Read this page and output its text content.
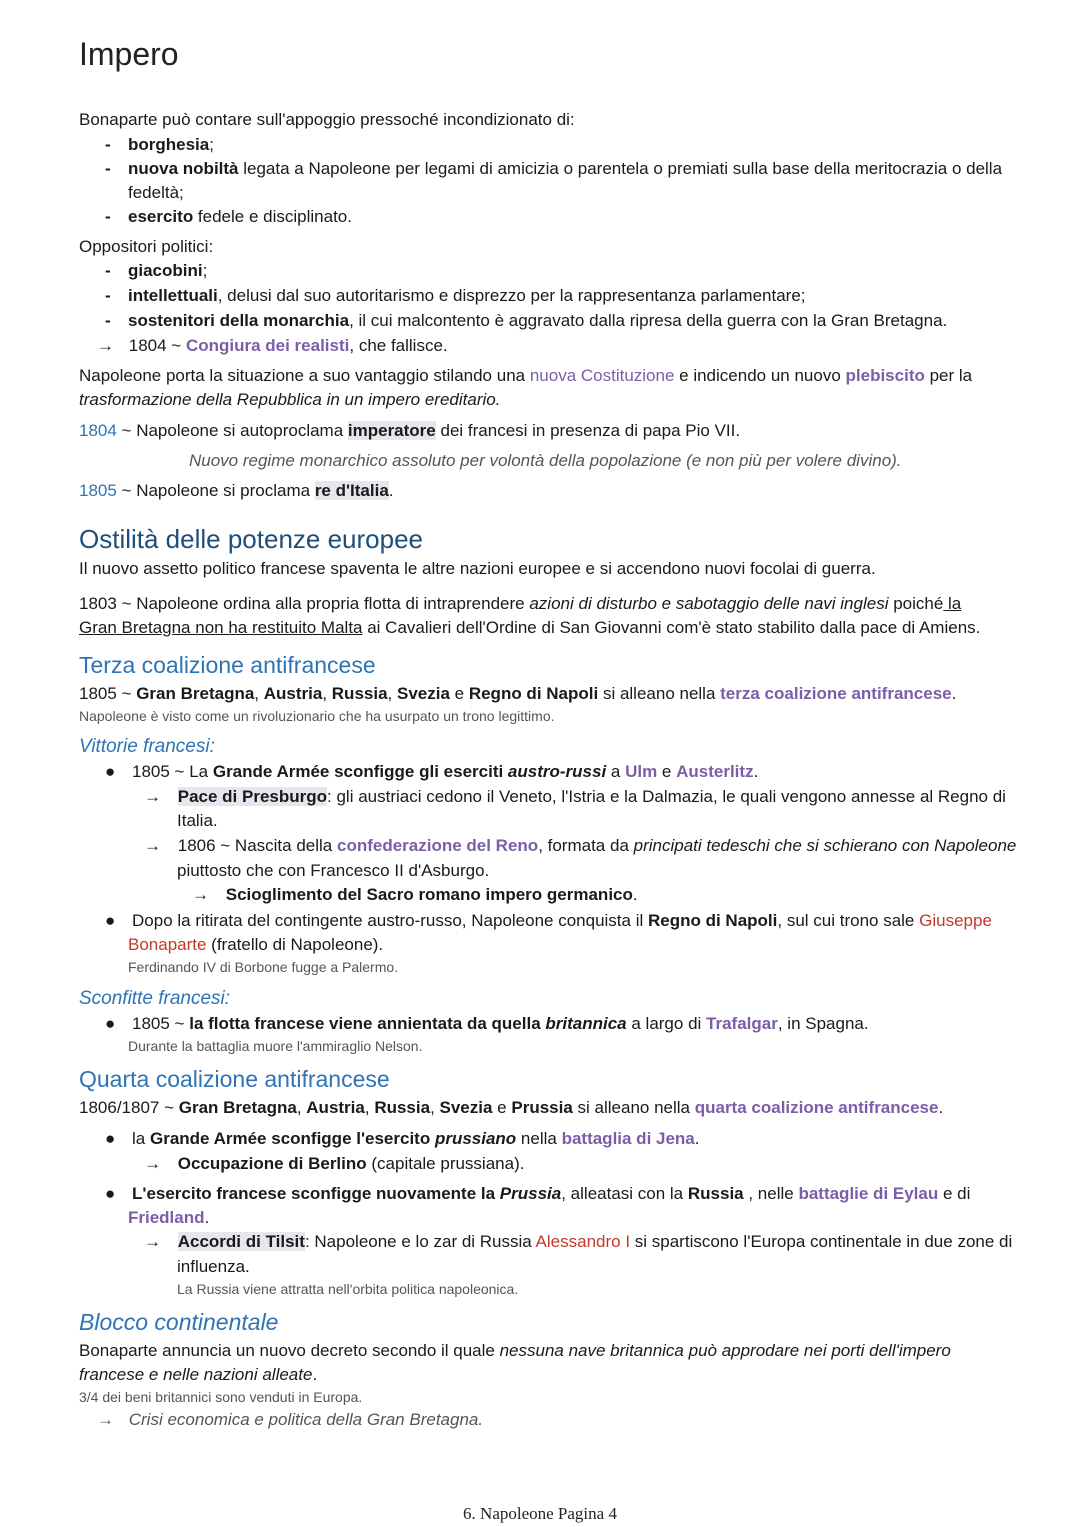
Impero
Bonaparte può contare sull'appoggio pressoché incondizionato di:
- borghesia;
- nuova nobiltà legata a Napoleone per legami di amicizia o parentela o premiati sulla base della meritocrazia o della
fedeltà;
- esercito fedele e disciplinato.
Oppositori politici:
- giacobini;
- intellettuali, delusi dal suo autoritarismo e disprezzo per la rappresentanza parlamentare;
- sostenitori della monarchia, il cui malcontento è aggravato dalla ripresa della guerra con la Gran Bretagna.
→ 1804 ~ Congiura dei realisti, che fallisce.
Napoleone porta la situazione a suo vantaggio stilando una nuova Costituzione e indicendo un nuovo plebiscito per la
trasformazione della Repubblica in un impero ereditario.
1804 ~ Napoleone si autoproclama imperatore dei francesi in presenza di papa Pio VII.
Nuovo regime monarchico assoluto per volontà della popolazione (e non più per volere divino).
1805 ~ Napoleone si proclama re d'Italia.
Ostilità delle potenze europee
Il nuovo assetto politico francese spaventa le altre nazioni europee e si accendono nuovi focolai di guerra.
1803 ~ Napoleone ordina alla propria flotta di intraprendere azioni di disturbo e sabotaggio delle navi inglesi poiché la
Gran Bretagna non ha restituito Malta ai Cavalieri dell'Ordine di San Giovanni com'è stato stabilito dalla pace di Amiens.
Terza coalizione antifrancese
1805 ~ Gran Bretagna, Austria, Russia, Svezia e Regno di Napoli si alleano nella terza coalizione antifrancese.
Napoleone è visto come un rivoluzionario che ha usurpato un trono legittimo.
Vittorie francesi:
● 1805 ~ La Grande Armée sconfigge gli eserciti austro-russi a Ulm e Austerlitz.
→ Pace di Presburgo: gli austriaci cedono il Veneto, l'Istria e la Dalmazia, le quali vengono annesse al Regno di
Italia.
→ 1806 ~ Nascita della confederazione del Reno, formata da principati tedeschi che si schierano con Napoleone
piuttosto che con Francesco II d'Asburgo.
→ Scioglimento del Sacro romano impero germanico.
● Dopo la ritirata del contingente austro-russo, Napoleone conquista il Regno di Napoli, sul cui trono sale Giuseppe
Bonaparte (fratello di Napoleone).
Ferdinando IV di Borbone fugge a Palermo.
Sconfitte francesi:
● 1805 ~ la flotta francese viene annientata da quella britannica a largo di Trafalgar, in Spagna.
Durante la battaglia muore l'ammiraglio Nelson.
Quarta coalizione antifrancese
1806/1807 ~ Gran Bretagna, Austria, Russia, Svezia e Prussia si alleano nella quarta coalizione antifrancese.
● la Grande Armée sconfigge l'esercito prussiano nella battaglia di Jena.
→ Occupazione di Berlino (capitale prussiana).
● L'esercito francese sconfigge nuovamente la Prussia, alleatasi con la Russia , nelle battaglie di Eylau e di
Friedland.
→ Accordi di Tilsit: Napoleone e lo zar di Russia Alessandro I si spartiscono l'Europa continentale in due zone di
influenza.
La Russia viene attratta nell'orbita politica napoleonica.
Blocco continentale
Bonaparte annuncia un nuovo decreto secondo il quale nessuna nave britannica può approdare nei porti dell'impero
francese e nelle nazioni alleate.
3/4 dei beni britannici sono venduti in Europa.
→ Crisi economica e politica della Gran Bretagna.
6. Napoleone Pagina 4
